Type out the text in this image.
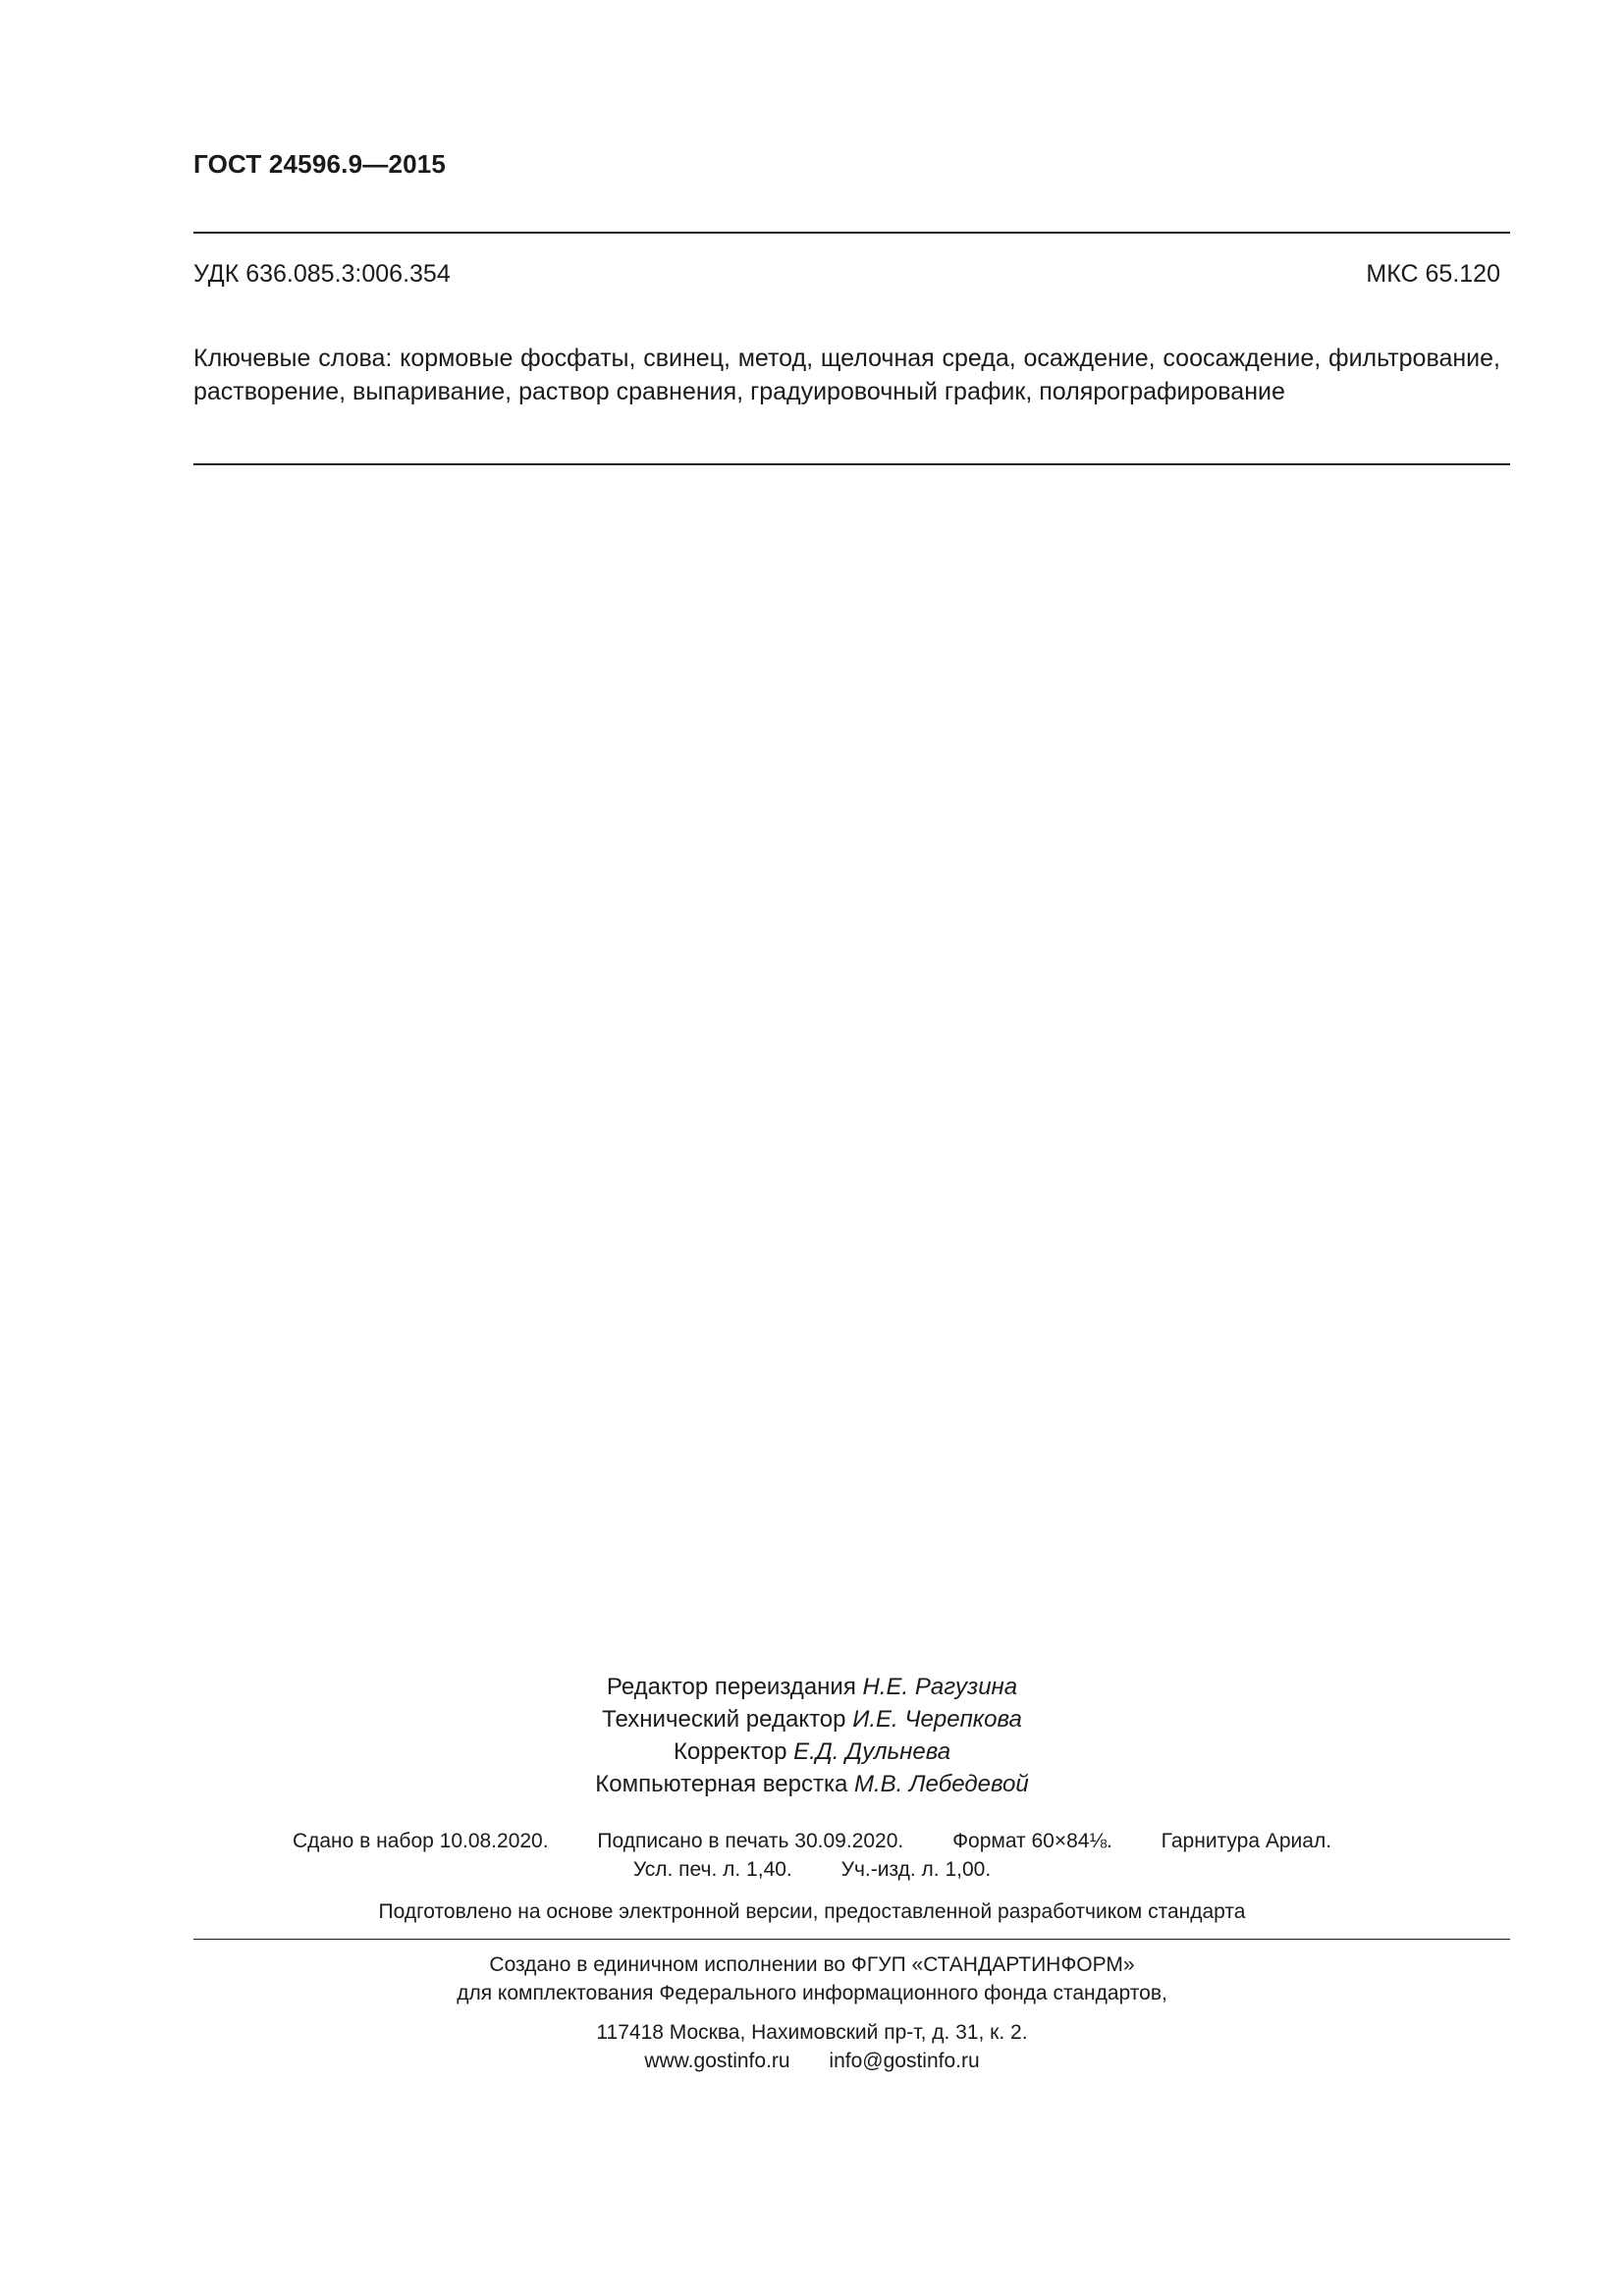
ГОСТ 24596.9—2015
УДК 636.085.3:006.354	МКС 65.120
Ключевые слова: кормовые фосфаты, свинец, метод, щелочная среда, осаждение, соосаждение, фильтрование, растворение, выпаривание, раствор сравнения, градуировочный график, полярографирование
Редактор переиздания Н.Е. Рагузина
Технический редактор И.Е. Черепкова
Корректор Е.Д. Дульнева
Компьютерная верстка М.В. Лебедевой
Сдано в набор 10.08.2020. Подписано в печать 30.09.2020. Формат 60×84⅛. Гарнитура Ариал.
Усл. печ. л. 1,40. Уч.-изд. л. 1,00.
Подготовлено на основе электронной версии, предоставленной разработчиком стандарта
Создано в единичном исполнении во ФГУП «СТАНДАРТИНФОРМ»
для комплектования Федерального информационного фонда стандартов,
117418 Москва, Нахимовский пр-т, д. 31, к. 2.
www.gostinfo.ru info@gostinfo.ru
